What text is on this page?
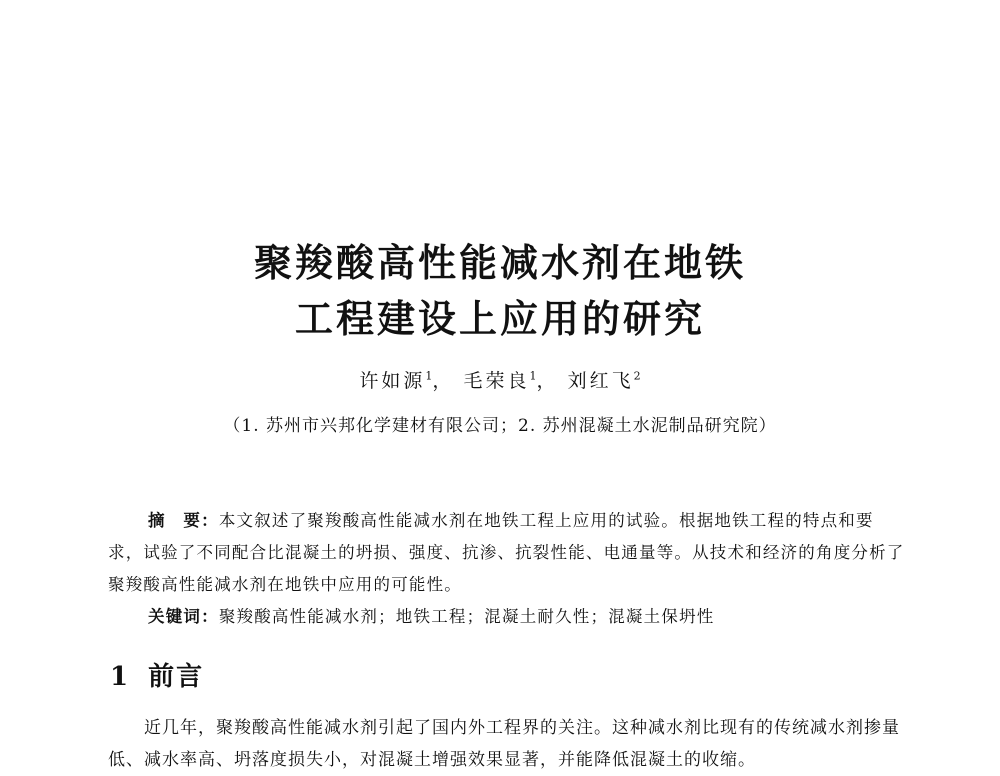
聚羧酸高性能减水剂在地铁
工程建设上应用的研究
许如源$^1$， 毛荣良$^1$， 刘红飞$^2$
（1. 苏州市兴邦化学建材有限公司；2. 苏州混凝土水泥制品研究院）
摘　要：本文叙述了聚羧酸高性能减水剂在地铁工程上应用的试验。根据地铁工程的特点和要求，试验了不同配合比混凝土的坍损、强度、抗渗、抗裂性能、电通量等。从技术和经济的角度分析了聚羧酸高性能减水剂在地铁中应用的可能性。
关键词：聚羧酸高性能减水剂；地铁工程；混凝土耐久性；混凝土保坍性
1 前言
近几年，聚羧酸高性能减水剂引起了国内外工程界的关注。这种减水剂比现有的传统减水剂掺量低、减水率高、坍落度损失小，对混凝土增强效果显著，并能降低混凝土的收缩。
